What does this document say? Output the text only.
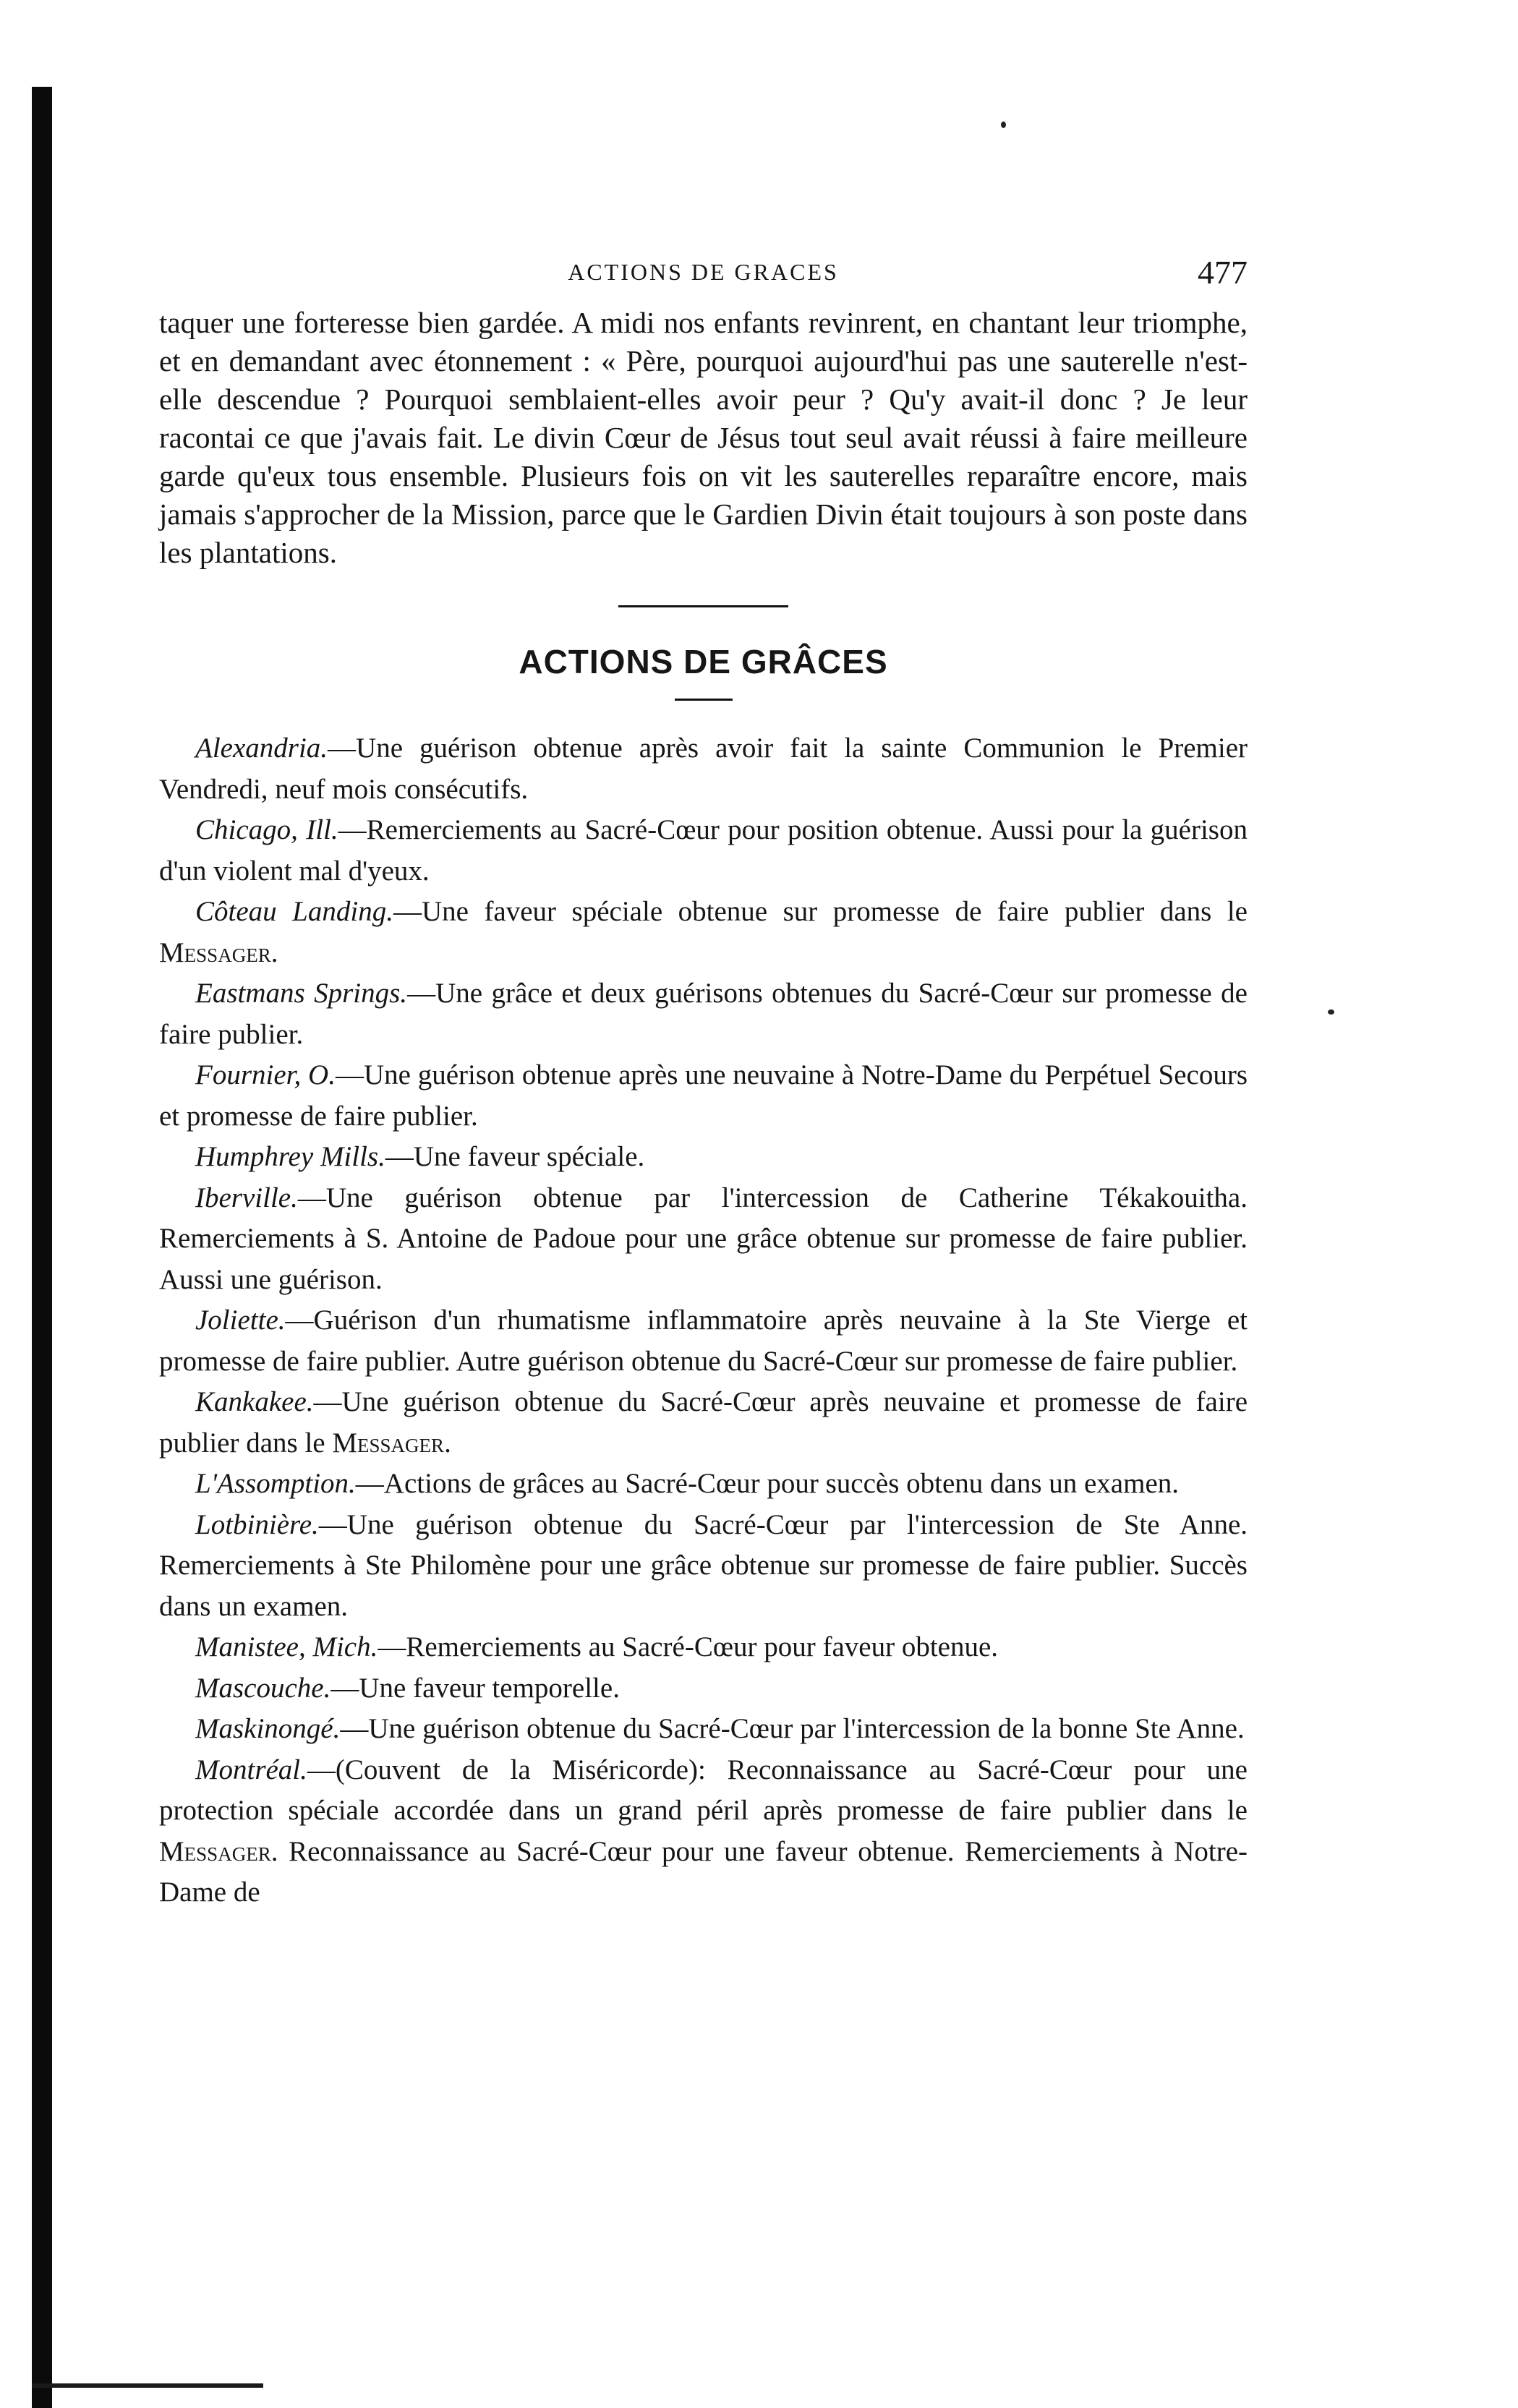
ACTIONS DE GRACES	477

taquer une forteresse bien gardée. A midi nos enfants revinrent, en chantant leur triomphe, et en demandant avec étonnement : « Père, pourquoi aujourd'hui pas une sauterelle n'est-elle descendue ? Pourquoi semblaient-elles avoir peur ? Qu'y avait-il donc ? Je leur racontai ce que j'avais fait. Le divin Cœur de Jésus tout seul avait réussi à faire meilleure garde qu'eux tous ensemble. Plusieurs fois on vit les sauterelles reparaître encore, mais jamais s'approcher de la Mission, parce que le Gardien Divin était toujours à son poste dans les plantations.

ACTIONS DE GRÂCES

Alexandria.—Une guérison obtenue après avoir fait la sainte Communion le Premier Vendredi, neuf mois consécutifs.

Chicago, Ill.—Remerciements au Sacré-Cœur pour position obtenue. Aussi pour la guérison d'un violent mal d'yeux.

Côteau Landing.—Une faveur spéciale obtenue sur promesse de faire publier dans le Messager.

Eastmans Springs.—Une grâce et deux guérisons obtenues du Sacré-Cœur sur promesse de faire publier.

Fournier, O.—Une guérison obtenue après une neuvaine à Notre-Dame du Perpétuel Secours et promesse de faire publier.

Humphrey Mills.—Une faveur spéciale.

Iberville.—Une guérison obtenue par l'intercession de Catherine Tékakouitha. Remerciements à S. Antoine de Padoue pour une grâce obtenue sur promesse de faire publier. Aussi une guérison.

Joliette.—Guérison d'un rhumatisme inflammatoire après neuvaine à la Ste Vierge et promesse de faire publier. Autre guérison obtenue du Sacré-Cœur sur promesse de faire publier.

Kankakee.—Une guérison obtenue du Sacré-Cœur après neuvaine et promesse de faire publier dans le Messager.

L'Assomption.—Actions de grâces au Sacré-Cœur pour succès obtenu dans un examen.

Lotbinière.—Une guérison obtenue du Sacré-Cœur par l'intercession de Ste Anne. Remerciements à Ste Philomène pour une grâce obtenue sur promesse de faire publier. Succès dans un examen.

Manistee, Mich.—Remerciements au Sacré-Cœur pour faveur obtenue.

Mascouche.—Une faveur temporelle.

Maskinongé.—Une guérison obtenue du Sacré-Cœur par l'intercession de la bonne Ste Anne.

Montréal.—(Couvent de la Miséricorde): Reconnaissance au Sacré-Cœur pour une protection spéciale accordée dans un grand péril après promesse de faire publier dans le Messager. Reconnaissance au Sacré-Cœur pour une faveur obtenue. Remerciements à Notre-Dame de
